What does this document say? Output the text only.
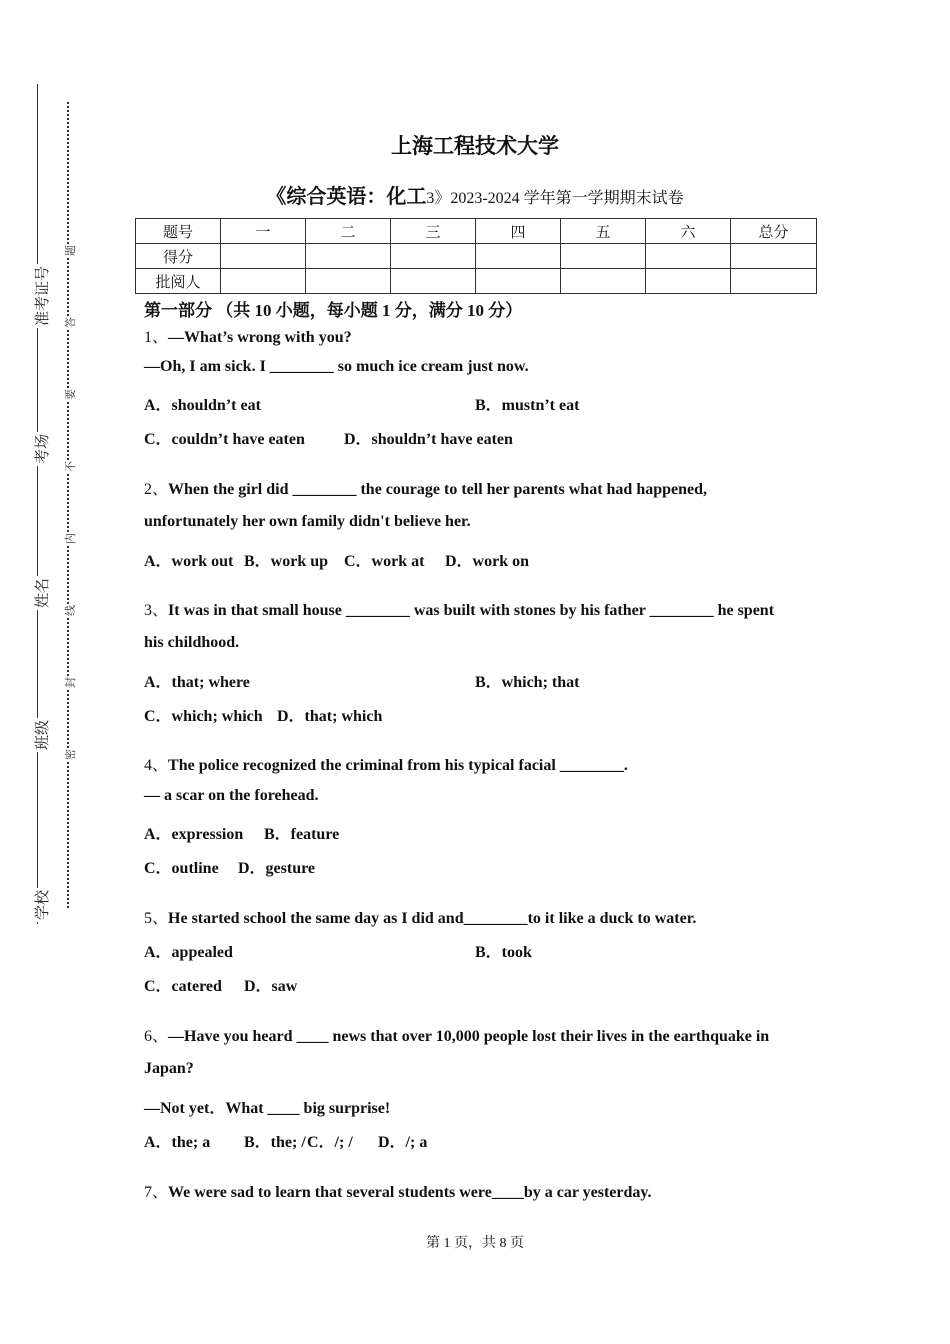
准考证号
考场
姓名
班级
学校
题
答
要
不
内
线
封
密
上海工程技术大学
《综合英语：化工3》2023-2024 学年第一学期期末试卷
题号	一	二	三	四	五	六	总分
得分							
批阅人							
第一部分 （共 10 小题，每小题 1 分，满分 10 分）
1、—What’s wrong with you?
—Oh, I am sick. I ________ so much ice cream just now.
A．shouldn’t eat	B．mustn’t eat
C．couldn’t have eaten D．shouldn’t have eaten
2、When the girl did ________ the courage to tell her parents what had happened,
unfortunately her own family didn't believe her.
A．work out B．work up C．work at D．work on
3、It was in that small house ________ was built with stones by his father ________ he spent
his childhood.
A．that; where	B．which; that
C．which; which D．that; which
4、The police recognized the criminal from his typical facial ________.
— a scar on the forehead.
A．expression B．feature
C．outline D．gesture
5、He started school the same day as I did and________to it like a duck to water.
A．appealed	B．took
C．catered D．saw
6、—Have you heard ____ news that over 10,000 people lost their lives in the earthquake in
Japan?
—Not yet．What ____ big surprise!
A．the; a B．the; / C．/; / D．/; a
7、We were sad to learn that several students were____by a car yesterday.
第 1 页，共 8 页
